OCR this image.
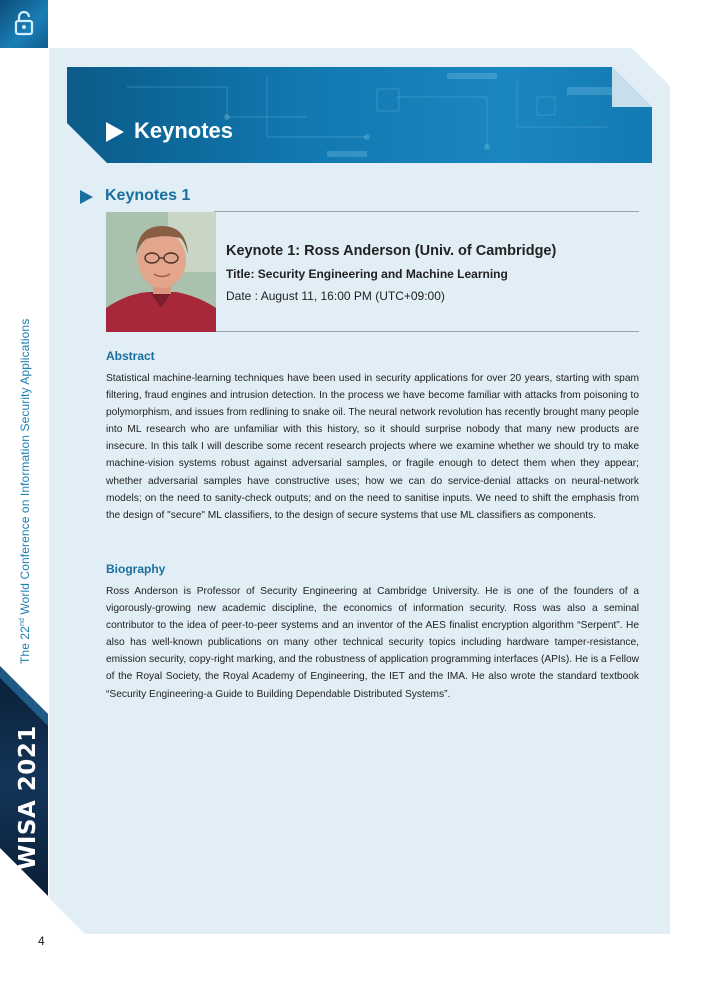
The 22nd World Conference on Information Security Applications
WISA 2021
4
Keynotes
Keynotes 1
Keynote 1: Ross Anderson (Univ. of Cambridge)
Title: Security Engineering and Machine Learning
Date : August 11, 16:00 PM (UTC+09:00)
Abstract
Statistical machine-learning techniques have been used in security applications for over 20 years, starting with spam filtering, fraud engines and intrusion detection. In the process we have become familiar with attacks from poisoning to polymorphism, and issues from redlining to snake oil. The neural network revolution has recently brought many people into ML research who are unfamiliar with this history, so it should surprise nobody that many new products are insecure. In this talk I will describe some recent research projects where we examine whether we should try to make machine-vision systems robust against adversarial samples, or fragile enough to detect them when they appear; whether adversarial samples have constructive uses; how we can do service-denial attacks on neural-network models; on the need to sanity-check outputs; and on the need to sanitise inputs. We need to shift the emphasis from the design of "secure" ML classifiers, to the design of secure systems that use ML classifiers as components.
Biography
Ross Anderson is Professor of Security Engineering at Cambridge University. He is one of the founders of a vigorously-growing new academic discipline, the economics of information security. Ross was also a seminal contributor to the idea of peer-to-peer systems and an inventor of the AES finalist encryption algorithm “Serpent”. He also has well-known publications on many other technical security topics including hardware tamper-resistance, emission security, copy-right marking, and the robustness of application programming interfaces (APIs). He is a Fellow of the Royal Society, the Royal Academy of Engineering, the IET and the IMA. He also wrote the standard textbook “Security Engineering-a Guide to Building Dependable Distributed Systems”.
